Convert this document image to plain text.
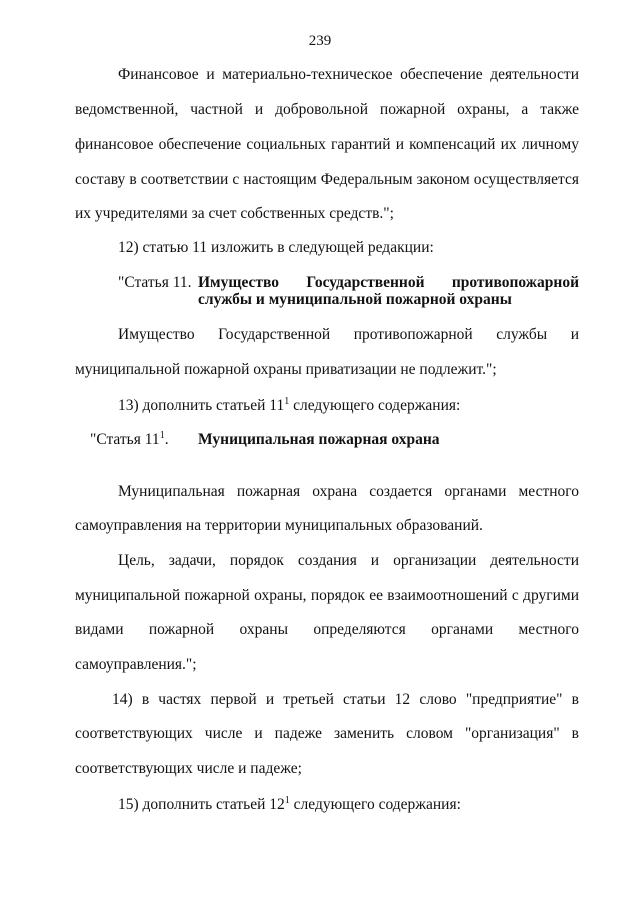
239
Финансовое и материально-техническое обеспечение деятельности
ведомственной, частной и добровольной пожарной охраны, а также
финансовое обеспечение социальных гарантий и компенсаций их личному
составу в соответствии с настоящим Федеральным законом осуществляется
их учредителями за счет собственных средств.";
12) статью 11 изложить в следующей редакции:
"Статья 11. Имущество Государственной противопожарной
службы и муниципальной пожарной охраны
Имущество Государственной противопожарной службы и
муниципальной пожарной охраны приватизации не подлежит.";
13) дополнить статьей $11^1$ следующего содержания:
"Статья $11^1$.	Муниципальная пожарная охрана
Муниципальная пожарная охрана создается органами местного
самоуправления на территории муниципальных образований.
Цель, задачи, порядок создания и организации деятельности
муниципальной пожарной охраны, порядок ее взаимоотношений с другими
видами пожарной охраны определяются органами местного
самоуправления.";
14) в частях первой и третьей статьи 12 слово "предприятие" в
соответствующих числе и падеже заменить словом "организация" в
соответствующих числе и падеже;
15) дополнить статьей $12^1$ следующего содержания:
